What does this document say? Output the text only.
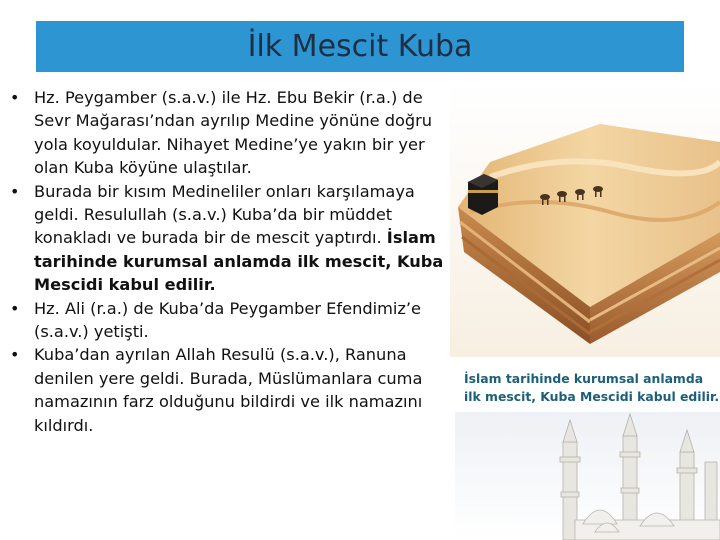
İlk Mescit Kuba
• Hz. Peygamber (s.a.v.) ile Hz. Ebu Bekir (r.a.) de Sevr Mağarası’ndan ayrılıp Medine yönüne doğru yola koyuldular. Nihayet Medine’ye yakın bir yer olan Kuba köyüne ulaştılar.
• Burada bir kısım Medineliler onları karşılamaya geldi. Resulullah (s.a.v.) Kuba’da bir müddet konakladı ve burada bir de mescit yaptırdı. İslam tarihinde kurumsal anlamda ilk mescit, Kuba Mescidi kabul edilir.
• Hz. Ali (r.a.) de Kuba’da Peygamber Efendimiz’e (s.a.v.) yetişti.
• Kuba’dan ayrılan Allah Resulü (s.a.v.), Ranuna denilen yere geldi. Burada, Müslümanlara cuma namazının farz olduğunu bildirdi ve ilk namazını kıldırdı.
İslam tarihinde kurumsal anlamda
ilk mescit, Kuba Mescidi kabul edilir.
